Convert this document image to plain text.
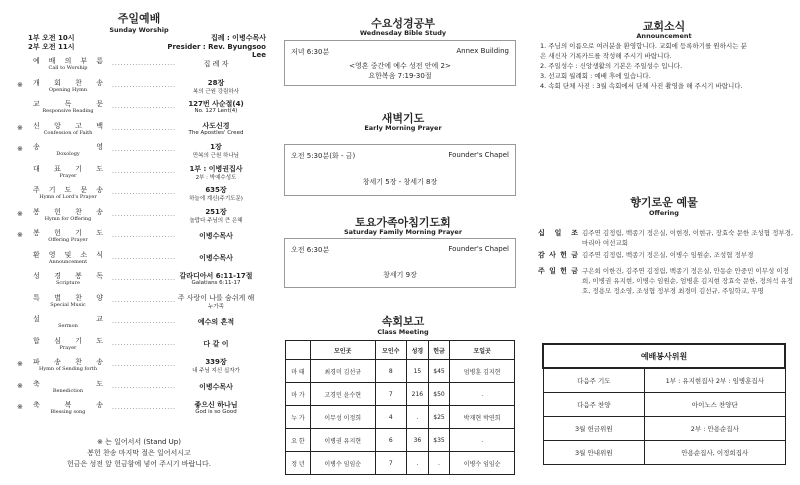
주일예배
Sunday Worship
1부 오전 10시
2부 오전 11시
집례 : 이병수목사
Presider : Rev. Byungsoo Lee
예 배 의 부 름
Call to Worship
......................	집 례 자
※ 개 회 찬 송
Opening Hymn
......................	28장
복의 근원 강림하사
교	독	문
Responsive Reading
......................	127번 사순절(4)
No. 127 Lent(4)
※ 신 앙 고 백
Confession of Faith
......................	사도신경
The Apostles' Creed
※ 송	영
Doxology
......................	1장
만복의 근원 하나님
대 표 기 도
Prayer
......................	1부 : 이병권집사
2부 : 박예수성도
주 기 도 문 송
Hymn of Lord's Prayer
......................	635장
하늘에 계신(주기도문)
※ 봉 헌 찬 송
Hymn for Offering
......................	251장
놀랍다 주님의 큰 은혜
※ 봉 헌 기 도
Offering Prayer
......................	이병수목사
환 영 및 소 식
Announcement
......................	이병수목사
성 경 봉 독
Scripture
...................... 갈라디아서 6:11-17절
Galatians 6:11-17
특 별 찬 양
Special Music
...................... 주 사랑이 나를 숨쉬게 해
누가족
설	교
Sermon
......................	예수의 흔적
합 심 기 도
Prayer
......................	다 같 이
※ 파 송 찬 송
Hymn of Sending forth
......................	339장
내 주님 지신 십자가
※ 축	도
Benediction
......................	이병수목사
※ 축	복	송
Blessing song
......................	좋으신 하나님
God is so Good
※ 는 일어서서 (Stand Up)
봉헌 찬송 마지막 절은 일어서시고
헌금은 성전 앞 헌금함에 넣어 주시기 바랍니다.
수요성경공부
Wednesday Bible Study
저녁 6:30분	Annex Building
<영혼 중간에 예수 성전 안에 2>
요한복음 7:19-30절
새벽기도
Early Morning Prayer
오전 5:30분(화 - 금)	Founder's Chapel
창세기 5장 - 창세기 8장
토요가족아침기도회
Saturday Family Morning Prayer
오전 6:30분	Founder's Chapel
창세기 9장
속회보고
Class Meeting
	모인곳	모인수	성경	헌금	모일곳
마 태	최경미 김선규	8	15	$45	엄병훈 김지현
마 가	고경민 윤수현	7	216	$50	.
누 가	이무성 이정희	4	.	$25	박재현 박연희
요 한	이병권 유지현	6	36	$35	.
정 년	이병수 임임순	7	.	.	이병수 임임순
교회소식
Announcement
1. 주님의 이름으로 여러분을 환영합니다. 교회에 등록하기를 원하시는 분
은 새신자 기록카드를 작성해 주시기 바랍니다.
2. 주일성수 : 신앙생활의 기본은 주일성수 입니다.
3. 선교회 월례회 : 예배 후에 있습니다.
4. 속회 단체 사진 : 3월 속회에서 단체 사진 촬영을 해 주시기 바랍니다.
향기로운 예물
Offering
십 일 조 김주연 김정림, 백종기 정은실, 이현경, 이현규, 장효숙 문한 조성협 정부경, 마리아 여선교회
감 사 헌 금 김주연 김정림, 백종기 정은실, 이병수 임원순, 조성협 정부경
주 일 헌 금 구은희 이한건, 김주연 김정림, 백종기 정은실, 안동순 안중민 이무성 이정희, 이병권 유지현, 이병수 임원순, 엄병훈 김지현 장효숙 문한, 정의석 유정호, 정용모 정소영, 조성협 정부경 최경미 김선규, 주일학교, 무명
예배봉사위원	
다음주 기도	1부 : 유지현집사 2부 : 임병훈집사
다음주 찬양	아이노스 찬양단
3월 헌금위원	2부 : 안용순집사
3월 안내위원	안용순집사, 이정희집사
